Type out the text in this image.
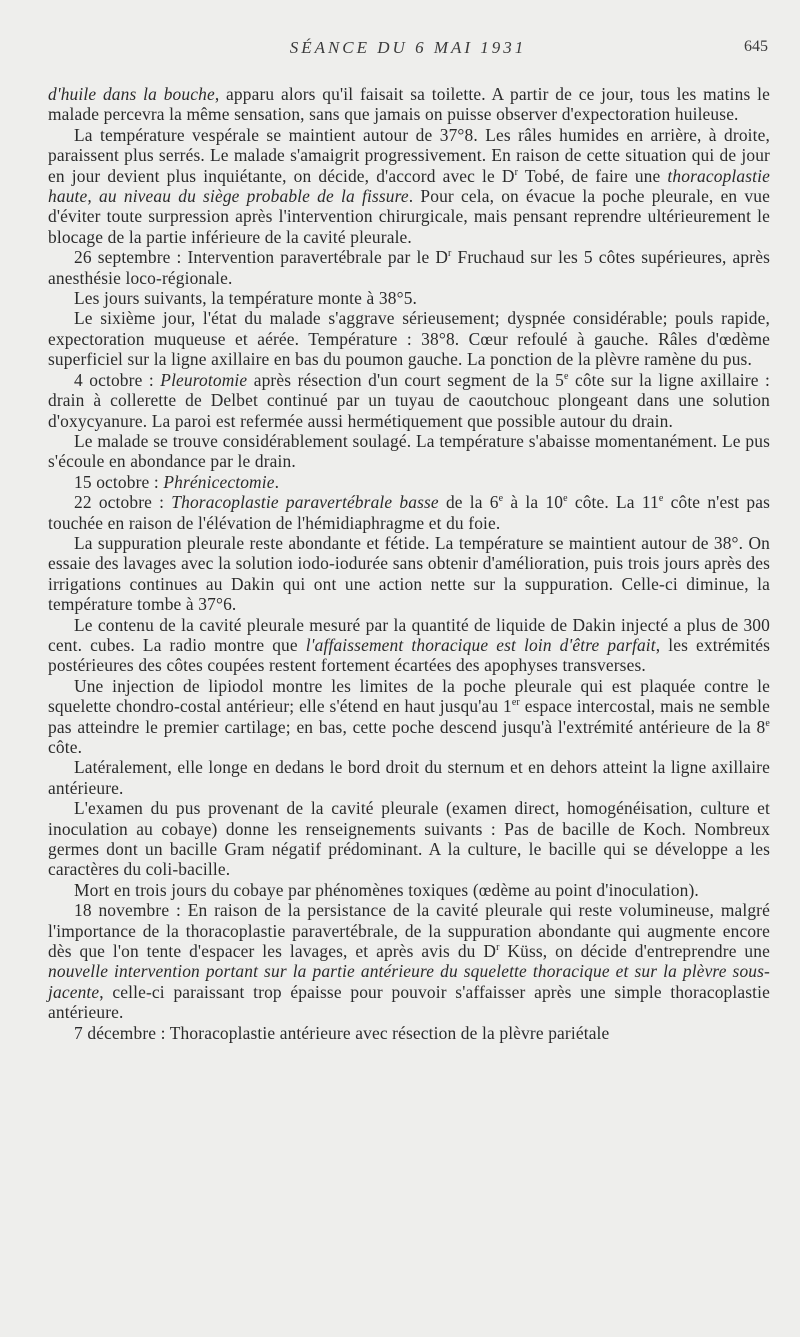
SÉANCE DU 6 MAI 1931	645

d'huile dans la bouche, apparu alors qu'il faisait sa toilette. A partir de ce jour, tous les matins le malade percevra la même sensation, sans que jamais on puisse observer d'expectoration huileuse.

La température vespérale se maintient autour de 37°8. Les râles humides en arrière, à droite, paraissent plus serrés. Le malade s'amaigrit progressivement. En raison de cette situation qui de jour en jour devient plus inquiétante, on décide, d'accord avec le $D^r$ Tobé, de faire une thoracoplastie haute, au niveau du siège probable de la fissure. Pour cela, on évacue la poche pleurale, en vue d'éviter toute surpression après l'intervention chirurgicale, mais pensant reprendre ultérieurement le blocage de la partie inférieure de la cavité pleurale.

26 septembre : Intervention paravertébrale par le $D^r$ Fruchaud sur les 5 côtes supérieures, après anesthésie loco-régionale.

Les jours suivants, la température monte à 38°5.

Le sixième jour, l'état du malade s'aggrave sérieusement; dyspnée considérable; pouls rapide, expectoration muqueuse et aérée. Température : 38°8. Cœur refoulé à gauche. Râles d'œdème superficiel sur la ligne axillaire en bas du poumon gauche. La ponction de la plèvre ramène du pus.

4 octobre : Pleurotomie après résection d'un court segment de la 5e côte sur la ligne axillaire : drain à collerette de Delbet continué par un tuyau de caoutchouc plongeant dans une solution d'oxycyanure. La paroi est refermée aussi hermétiquement que possible autour du drain.

Le malade se trouve considérablement soulagé. La température s'abaisse momentanément. Le pus s'écoule en abondance par le drain.

15 octobre : Phrénicectomie.

22 octobre : Thoracoplastie paravertébrale basse de la 6e à la 10e côte. La 11e côte n'est pas touchée en raison de l'élévation de l'hémidiaphragme et du foie.

La suppuration pleurale reste abondante et fétide. La température se maintient autour de 38°. On essaie des lavages avec la solution iodo-iodurée sans obtenir d'amélioration, puis trois jours après des irrigations continues au Dakin qui ont une action nette sur la suppuration. Celle-ci diminue, la température tombe à 37°6.

Le contenu de la cavité pleurale mesuré par la quantité de liquide de Dakin injecté a plus de 300 cent. cubes. La radio montre que l'affaissement thoracique est loin d'être parfait, les extrémités postérieures des côtes coupées restent fortement écartées des apophyses transverses.

Une injection de lipiodol montre les limites de la poche pleurale qui est plaquée contre le squelette chondro-costal antérieur; elle s'étend en haut jusqu'au 1er espace intercostal, mais ne semble pas atteindre le premier cartilage; en bas, cette poche descend jusqu'à l'extrémité antérieure de la 8e côte.

Latéralement, elle longe en dedans le bord droit du sternum et en dehors atteint la ligne axillaire antérieure.

L'examen du pus provenant de la cavité pleurale (examen direct, homogénéisation, culture et inoculation au cobaye) donne les renseignements suivants : Pas de bacille de Koch. Nombreux germes dont un bacille Gram négatif prédominant. A la culture, le bacille qui se développe a les caractères du coli-bacille.

Mort en trois jours du cobaye par phénomènes toxiques (œdème au point d'inoculation).

18 novembre : En raison de la persistance de la cavité pleurale qui reste volumineuse, malgré l'importance de la thoracoplastie paravertébrale, de la suppuration abondante qui augmente encore dès que l'on tente d'espacer les lavages, et après avis du $D^r$ Küss, on décide d'entreprendre une nouvelle intervention portant sur la partie antérieure du squelette thoracique et sur la plèvre sous-jacente, celle-ci paraissant trop épaisse pour pouvoir s'affaisser après une simple thoracoplastie antérieure.

7 décembre : Thoracoplastie antérieure avec résection de la plèvre pariétale
